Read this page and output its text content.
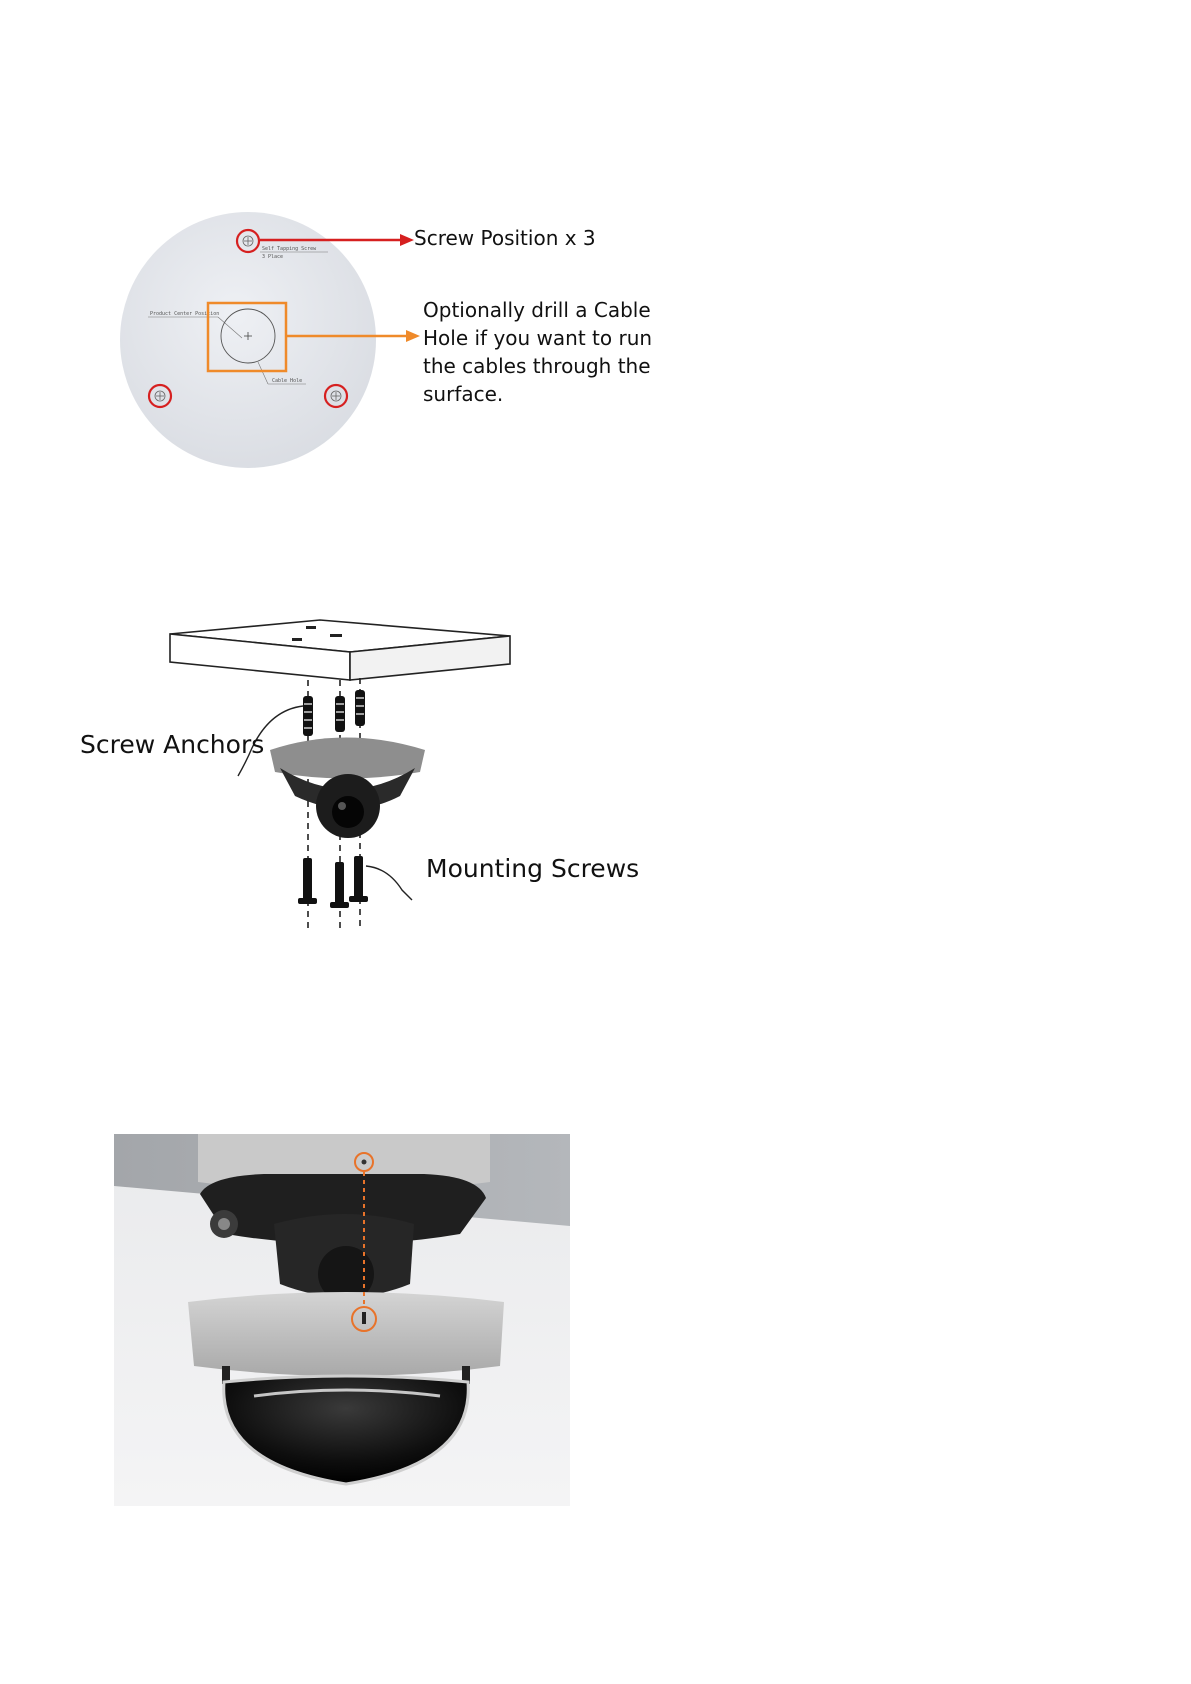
Self Tapping Screw
3 Place
Product Center Position
Cable Hole
Screw Position x 3
Optionally drill a Cable
Hole if you want to run
the cables through the
surface.
Screw Anchors
Mounting Screws
